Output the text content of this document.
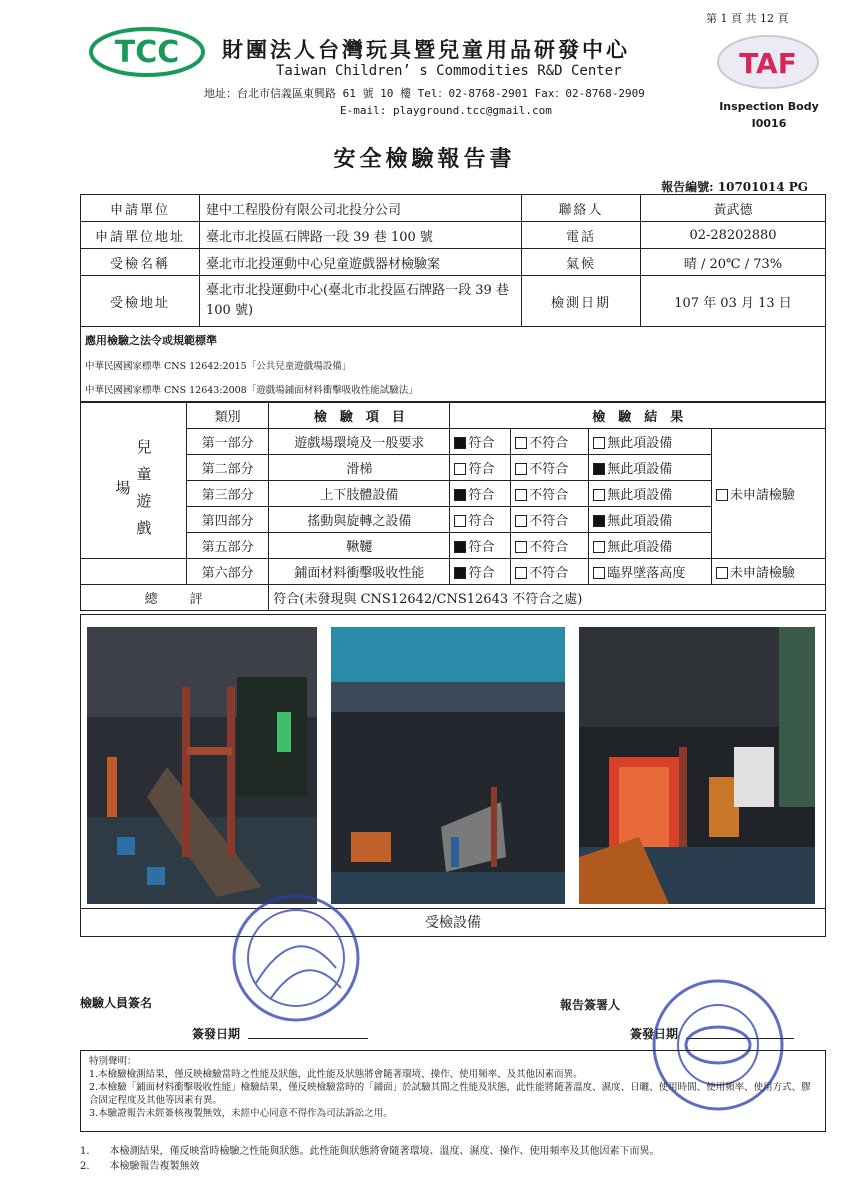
第 1 頁 共 12 頁
TCC 財團法人台灣玩具暨兒童用品研發中心
Taiwan Children’ s Commodities R&D Center
地址：台北市信義區東興路 61 號 10 樓 Tel：02-8768-2901 Fax：02-8768-2909
E-mail: playground.tcc@gmail.com
TAF
Inspection Body
I0016
安全檢驗報告書
報告編號: 10701014 PG
申請單位	建中工程股份有限公司北投分公司	聯絡人	黃武德
申請單位地址	臺北市北投區石牌路一段 39 巷 100 號	電話	02-28202880
受檢名稱	臺北市北投運動中心兒童遊戲器材檢驗案	氣候	晴 / 20℃ / 73%
受檢地址	臺北市北投運動中心(臺北市北投區石牌路一段 39 巷 100 號)	檢測日期	107 年 03 月 13 日
應用檢驗之法令或規範標準
中華民國國家標準 CNS 12642:2015「公共兒童遊戲場設備」
中華民國國家標準 CNS 12643:2008「遊戲場鋪面材料衝擊吸收性能試驗法」
	類別	檢　驗　項　目	檢　驗　結　果			
兒童遊戲場	第一部分	遊戲場環境及一般要求	符合	不符合	無此項設備	未申請檢驗
	第二部分	滑梯	符合	不符合	無此項設備	
	第三部分	上下肢體設備	符合	不符合	無此項設備	
	第四部分	搖動與旋轉之設備	符合	不符合	無此項設備	
	第五部分	鞦韆	符合	不符合	無此項設備	
	第六部分	鋪面材料衝擊吸收性能	符合	不符合	臨界墜落高度	未申請檢驗
總　　評		符合(未發現與 CNS12642/CNS12643 不符合之處)				
受檢設備
檢驗人員簽名
簽發日期
報告簽署人
簽發日期
特別聲明：
1.本檢驗檢測結果，僅反映檢驗當時之性能及狀態，此性能及狀態將會隨著環境、操作、使用頻率、及其他因素而異。
2.本檢驗「鋪面材料衝擊吸收性能」檢驗結果，僅反映檢驗當時的「鋪面」於試驗其間之性能及狀態，此性能將隨著溫度、濕度、日曬、使用時間、使用頻率、使用方式、膠合固定程度及其他等因素有異。
3.本驗證報告未經簽核複製無效，未經中心同意不得作為司法訴訟之用。
1.　　本檢測結果，僅反映當時檢驗之性能與狀態。此性能與狀態將會隨著環境、溫度、濕度、操作、使用頻率及其他因素下而異。
2.　　本檢驗報告複製無效
